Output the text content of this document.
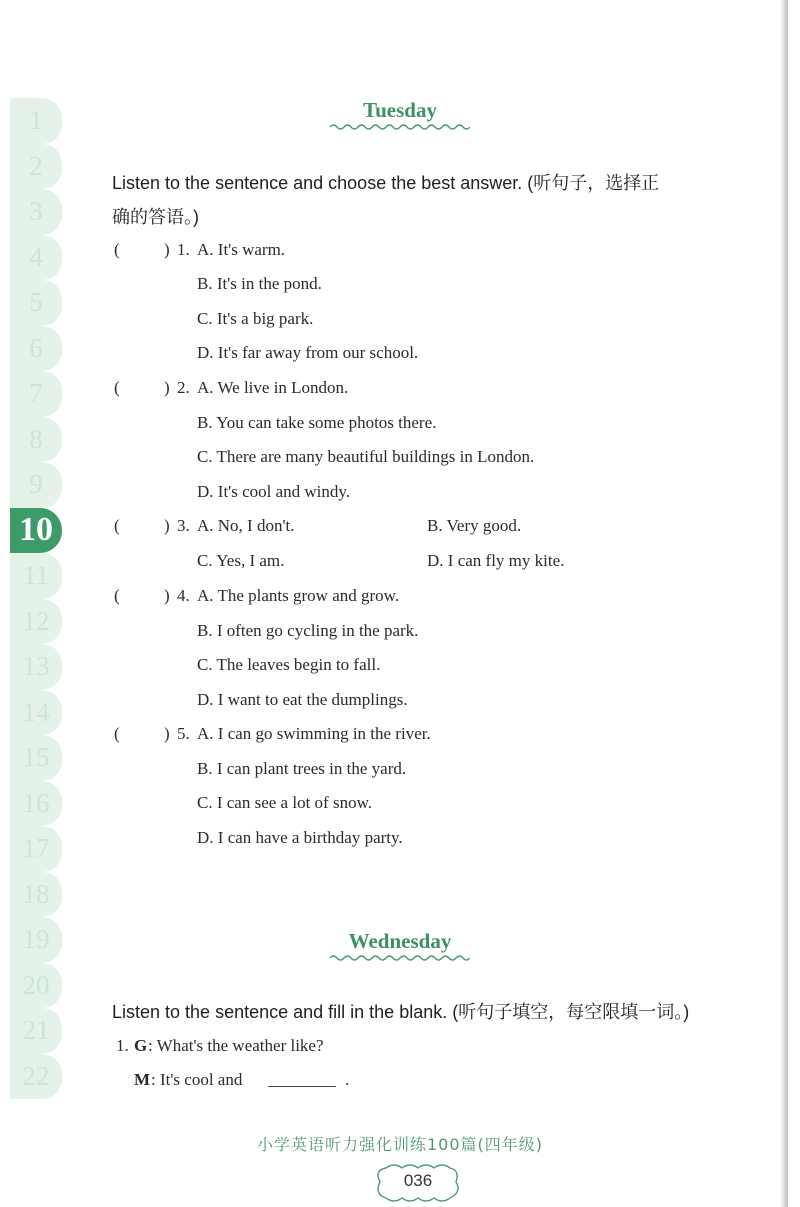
1
2
3
4
5
6
7
8
9
10
11
12
13
14
15
16
17
18
19
20
21
22
Tuesday
Listen to the sentence and choose the best answer. (听句子，选择正
确的答语。)
(	) 1. A. It's warm.
B. It's in the pond.
C. It's a big park.
D. It's far away from our school.
(	) 2. A. We live in London.
B. You can take some photos there.
C. There are many beautiful buildings in London.
D. It's cool and windy.
(	) 3. A. No, I don't.	B. Very good.
C. Yes, I am.	D. I can fly my kite.
(	) 4. A. The plants grow and grow.
B. I often go cycling in the park.
C. The leaves begin to fall.
D. I want to eat the dumplings.
(	) 5. A. I can go swimming in the river.
B. I can plant trees in the yard.
C. I can see a lot of snow.
D. I can have a birthday party.
Wednesday
Listen to the sentence and fill in the blank. (听句子填空，每空限填一词。)
1. G : What's the weather like?
M : It's cool and ________ .
小学英语听力强化训练100篇(四年级)
036
